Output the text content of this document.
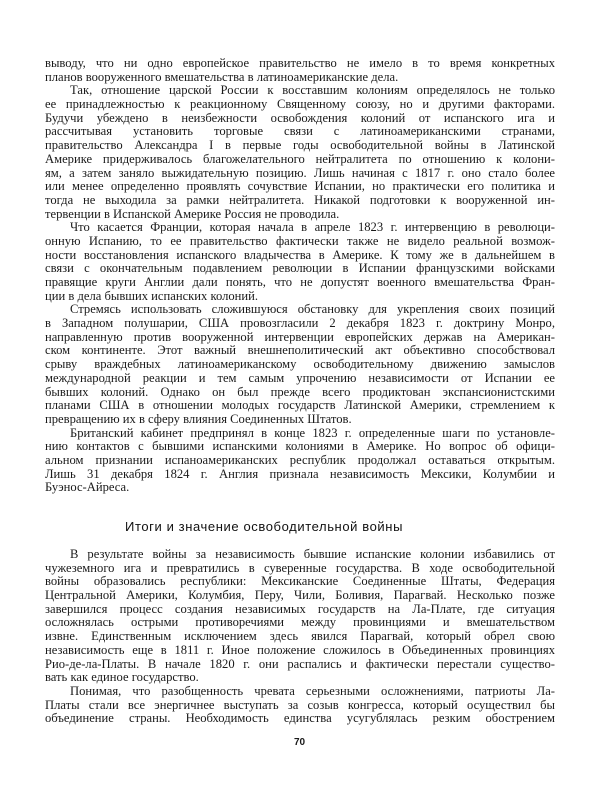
выводу, что ни одно европейское правительство не имело в то время конкретных
планов вооруженного вмешательства в латиноамериканские дела.
Так, отношение царской России к восставшим колониям определялось не только
ее принадлежностью к реакционному Священному союзу, но и другими факторами.
Будучи убеждено в неизбежности освобождения колоний от испанского ига и
рассчитывая установить торговые связи с латиноамериканскими странами,
правительство Александра I в первые годы освободительной войны в Латинской
Америке придерживалось благожелательного нейтралитета по отношению к колони-
ям, а затем заняло выжидательную позицию. Лишь начиная с 1817 г. оно стало более
или менее определенно проявлять сочувствие Испании, но практически его политика и
тогда не выходила за рамки нейтралитета. Никакой подготовки к вооруженной ин-
тервенции в Испанской Америке Россия не проводила.
Что касается Франции, которая начала в апреле 1823 г. интервенцию в революци-
онную Испанию, то ее правительство фактически также не видело реальной возмож-
ности восстановления испанского владычества в Америке. К тому же в дальнейшем в
связи с окончательным подавлением революции в Испании французскими войсками
правящие круги Англии дали понять, что не допустят военного вмешательства Фран-
ции в дела бывших испанских колоний.
Стремясь использовать сложившуюся обстановку для укрепления своих позиций
в Западном полушарии, США провозгласили 2 декабря 1823 г. доктрину Монро,
направленную против вооруженной интервенции европейских держав на Американ-
ском континенте. Этот важный внешнеполитический акт объективно способствовал
срыву враждебных латиноамериканскому освободительному движению замыслов
международной реакции и тем самым упрочению независимости от Испании ее
бывших колоний. Однако он был прежде всего продиктован экспансионистскими
планами США в отношении молодых государств Латинской Америки, стремлением к
превращению их в сферу влияния Соединенных Штатов.
Британский кабинет предпринял в конце 1823 г. определенные шаги по установле-
нию контактов с бывшими испанскими колониями в Америке. Но вопрос об офици-
альном признании испаноамериканских республик продолжал оставаться открытым.
Лишь 31 декабря 1824 г. Англия признала независимость Мексики, Колумбии и
Буэнос-Айреса.
Итоги и значение освободительной войны
В результате войны за независимость бывшие испанские колонии избавились от
чужеземного ига и превратились в суверенные государства. В ходе освободительной
войны образовались республики: Мексиканские Соединенные Штаты, Федерация
Центральной Америки, Колумбия, Перу, Чили, Боливия, Парагвай. Несколько позже
завершился процесс создания независимых государств на Ла-Плате, где ситуация
осложнялась острыми противоречиями между провинциями и вмешательством
извне. Единственным исключением здесь явился Парагвай, который обрел свою
независимость еще в 1811 г. Иное положение сложилось в Объединенных провинциях
Рио-де-ла-Платы. В начале 1820 г. они распались и фактически перестали существо-
вать как единое государство.
Понимая, что разобщенность чревата серьезными осложнениями, патриоты Ла-
Платы стали все энергичнее выступать за созыв конгресса, который осуществил бы
объединение страны. Необходимость единства усугублялась резким обострением
70
